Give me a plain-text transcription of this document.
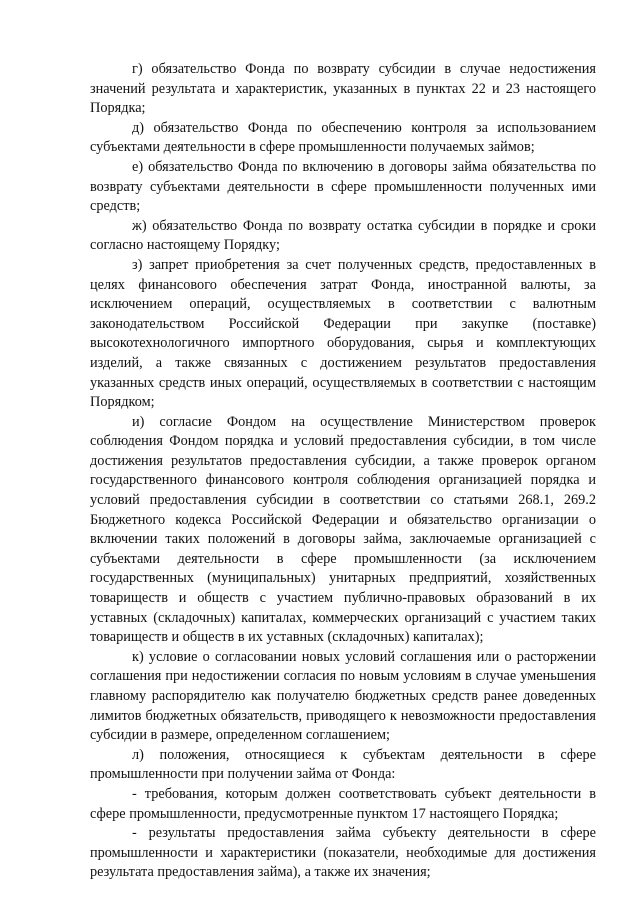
г) обязательство Фонда по возврату субсидии в случае недостижения значений результата и характеристик, указанных в пунктах 22 и 23 настоящего Порядка;

д) обязательство Фонда по обеспечению контроля за использованием субъектами деятельности в сфере промышленности получаемых займов;

е) обязательство Фонда по включению в договоры займа обязательства по возврату субъектами деятельности в сфере промышленности полученных ими средств;

ж) обязательство Фонда по возврату остатка субсидии в порядке и сроки согласно настоящему Порядку;

з) запрет приобретения за счет полученных средств, предоставленных в целях финансового обеспечения затрат Фонда, иностранной валюты, за исключением операций, осуществляемых в соответствии с валютным законодательством Российской Федерации при закупке (поставке) высокотехнологичного импортного оборудования, сырья и комплектующих изделий, а также связанных с достижением результатов предоставления указанных средств иных операций, осуществляемых в соответствии с настоящим Порядком;

и) согласие Фондом на осуществление Министерством проверок соблюдения Фондом порядка и условий предоставления субсидии, в том числе достижения результатов предоставления субсидии, а также проверок органом государственного финансового контроля соблюдения организацией порядка и условий предоставления субсидии в соответствии со статьями 268.1, 269.2 Бюджетного кодекса Российской Федерации и обязательство организации о включении таких положений в договоры займа, заключаемые организацией с субъектами деятельности в сфере промышленности (за исключением государственных (муниципальных) унитарных предприятий, хозяйственных товариществ и обществ с участием публично-правовых образований в их уставных (складочных) капиталах, коммерческих организаций с участием таких товариществ и обществ в их уставных (складочных) капиталах);

к) условие о согласовании новых условий соглашения или о расторжении соглашения при недостижении согласия по новым условиям в случае уменьшения главному распорядителю как получателю бюджетных средств ранее доведенных лимитов бюджетных обязательств, приводящего к невозможности предоставления субсидии в размере, определенном соглашением;

л) положения, относящиеся к субъектам деятельности в сфере промышленности при получении займа от Фонда:

- требования, которым должен соответствовать субъект деятельности в сфере промышленности, предусмотренные пунктом 17 настоящего Порядка;

- результаты предоставления займа субъекту деятельности в сфере промышленности и характеристики (показатели, необходимые для достижения результата предоставления займа), а также их значения;
